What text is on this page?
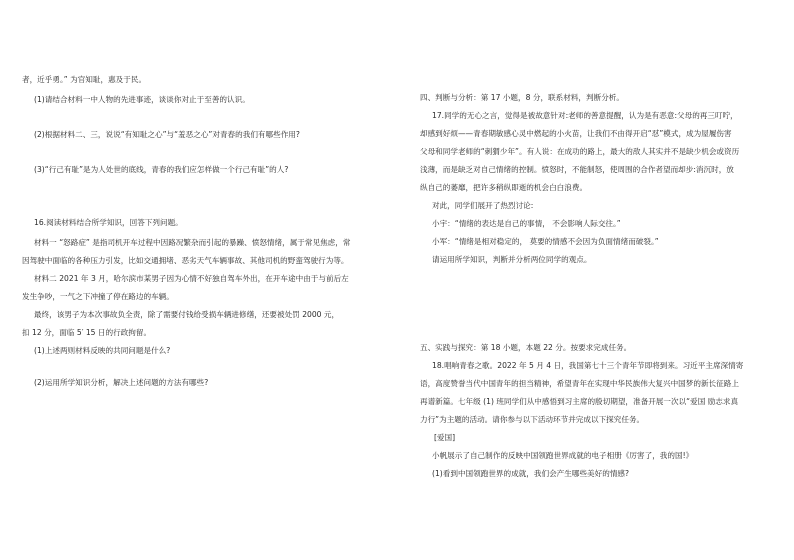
者，近乎勇。” 为官知耻，惠及于民。
(1)请结合材料一中人物的先进事迹，谈谈你对止于至善的认识。
(2)根据材料二、三，说说“有知耻之心”与“羞恶之心”对青春的我们有哪些作用?
(3)“行己有耻”是为人处世的底线，青春的我们应怎样做一个行己有耻”的人?
16.阅读材料结合所学知识，回答下列问题。
材料一 “怒路症” 是指司机开车过程中因路况繁杂而引起的暴躁、愤怒情绪，属于常见焦虑，常
因驾驶中面临的各种压力引发，比如交通拥堵、恶劣天气车辆事故、其他司机的野蛮驾驶行为等。
材料二 2021 年 3 月，哈尔滨市某男子因为心情不好独自驾车外出，在开车途中由于与前后左
发生争吵，一气之下冲撞了停在路边的车辆。
最终，该男子为本次事故负全责，除了需要付钱给受损车辆进修缮，还要被处罚 2000 元，
扣 12 分，面临 5′ 15 日的行政拘留。
(1)上述两则材料反映的共同问题是什么?
(2)运用所学知识分析，解决上述问题的方法有哪些?
四、判断与分析：第 17 小题，8 分，联系材料，判断分析。
17.同学的无心之言，觉得是被故意针对:老师的善意提醒，认为是有恶意:父母的再三叮咛，
却感到好烦——青春期敏感心灵中燃起的小火苗，让我们不由得开启“怼”模式，成为屋履伤害
父母和同学老师的“刺猬少年”。有人说：在成功的路上，最大的敌人其实并不是缺少机会或资历
浅薄，而是缺乏对自己情绪的控制。愤怒时，不能制怒，使周围的合作者望而却步:消沉时，放
纵自己的萎靡，把许多稍纵即逝的机会白白浪费。
对此，同学们展开了热烈讨论:
小宇：“情绪的表达是自己的事情， 不会影响人际交往。”
小军：“情绪是相对稳定的， 莫要的情感不会因为负面情绪而破裂。”
请运用所学知识，判断并分析两位同学的观点。
五、实践与探究：第 18 小题，本题 22 分。按要求完成任务。
18.唱响青春之歌。2022 年 5 月 4 日，我国第七十三个青年节即将到来。习近平主席深情寄
语，高度赞誉当代中国青年的担当精神，希望青年在实现中华民族伟大复兴中国梦的新长征路上
再谱新篇。七年级 (1) 班同学们从中感悟到习主席的殷切期望，准备开展一次以“爱国 励志求真
力行”为主题的活动。请你参与以下活动环节并完成以下探究任务。
[爱国]
小帆展示了自己制作的反映中国领跑世界成就的电子相册《厉害了，我的国!》
(1)看到中国领跑世界的成就，我们会产生哪些美好的情感?
